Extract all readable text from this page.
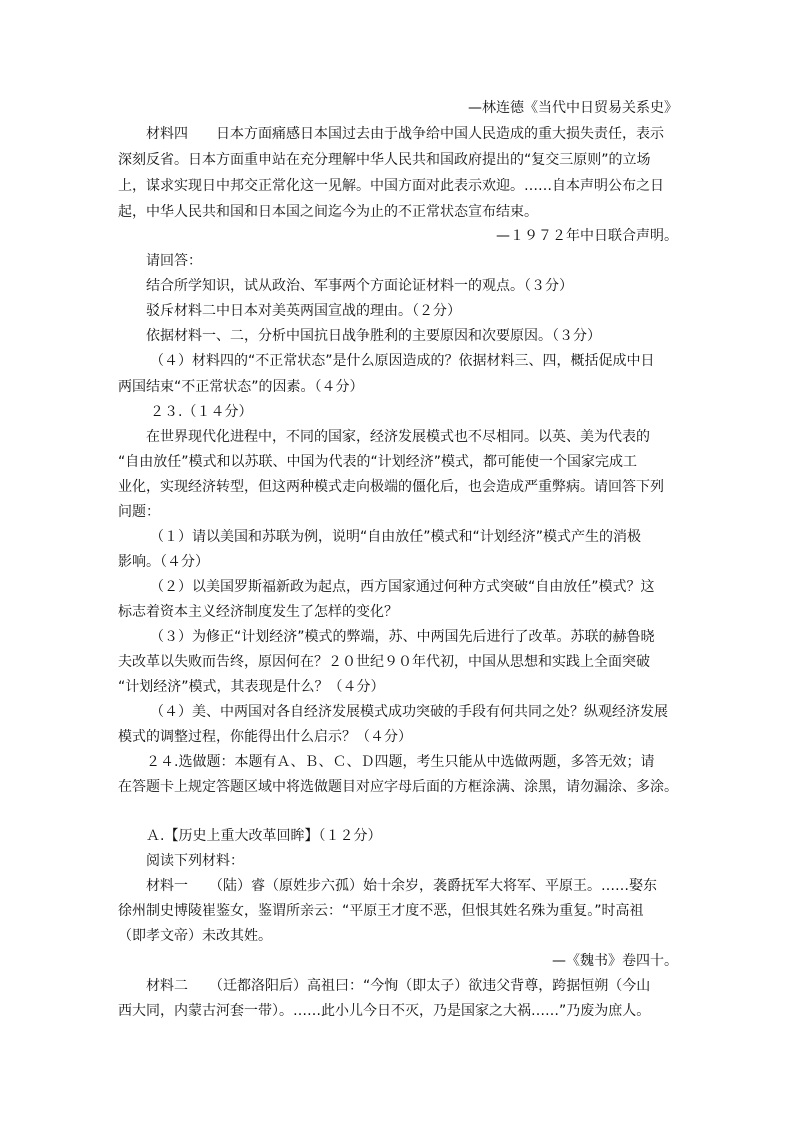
—林连德《当代中日贸易关系史》
材料四　　日本方面痛感日本国过去由于战争给中国人民造成的重大损失责任，表示
深刻反省。日本方面重申站在充分理解中华人民共和国政府提出的“复交三原则”的立场
上，谋求实现日中邦交正常化这一见解。中国方面对此表示欢迎。……自本声明公布之日
起，中华人民共和国和日本国之间迄今为止的不正常状态宣布结束。
—１９７２年中日联合声明。
请回答：
结合所学知识，试从政治、军事两个方面论证材料一的观点。（３分）
驳斥材料二中日本对美英两国宣战的理由。（２分）
依据材料一、二，分析中国抗日战争胜利的主要原因和次要原因。（３分）
（４）材料四的“不正常状态”是什么原因造成的？依据材料三、四，概括促成中日
两国结束“不正常状态”的因素。（４分）
２３.（１４分）
在世界现代化进程中，不同的国家，经济发展模式也不尽相同。以英、美为代表的
“自由放任”模式和以苏联、中国为代表的“计划经济”模式，都可能使一个国家完成工
业化，实现经济转型，但这两种模式走向极端的僵化后，也会造成严重弊病。请回答下列
问题：
（１）请以美国和苏联为例，说明“自由放任”模式和“计划经济”模式产生的消极
影响。（４分）
（２）以美国罗斯福新政为起点，西方国家通过何种方式突破“自由放任”模式？这
标志着资本主义经济制度发生了怎样的变化？
（３）为修正“计划经济”模式的弊端，苏、中两国先后进行了改革。苏联的赫鲁晓
夫改革以失败而告终，原因何在？２０世纪９０年代初，中国从思想和实践上全面突破
“计划经济”模式，其表现是什么？（４分）
（４）美、中两国对各自经济发展模式成功突破的手段有何共同之处？纵观经济发展
模式的调整过程，你能得出什么启示？（４分）
２４.选做题：本题有Ａ、Ｂ、Ｃ、Ｄ四题，考生只能从中选做两题，多答无效；请
在答题卡上规定答题区域中将选做题目对应字母后面的方框涂满、涂黑，请勿漏涂、多涂。
Ａ.【历史上重大改革回眸】（１２分）
阅读下列材料：
材料一　　（陆）睿（原姓步六孤）始十余岁，袭爵抚军大将军、平原王。……娶东
徐州制史博陵崔鉴女，鉴谓所亲云：“平原王才度不恶，但恨其姓名殊为重复。”时高祖
（即孝文帝）未改其姓。
—《魏书》卷四十。
材料二　　（迁都洛阳后）高祖曰：“今恂（即太子）欲违父背尊，跨据恒朔（今山
西大同，内蒙古河套一带）。……此小儿今日不灭，乃是国家之大祸……”乃废为庶人。
